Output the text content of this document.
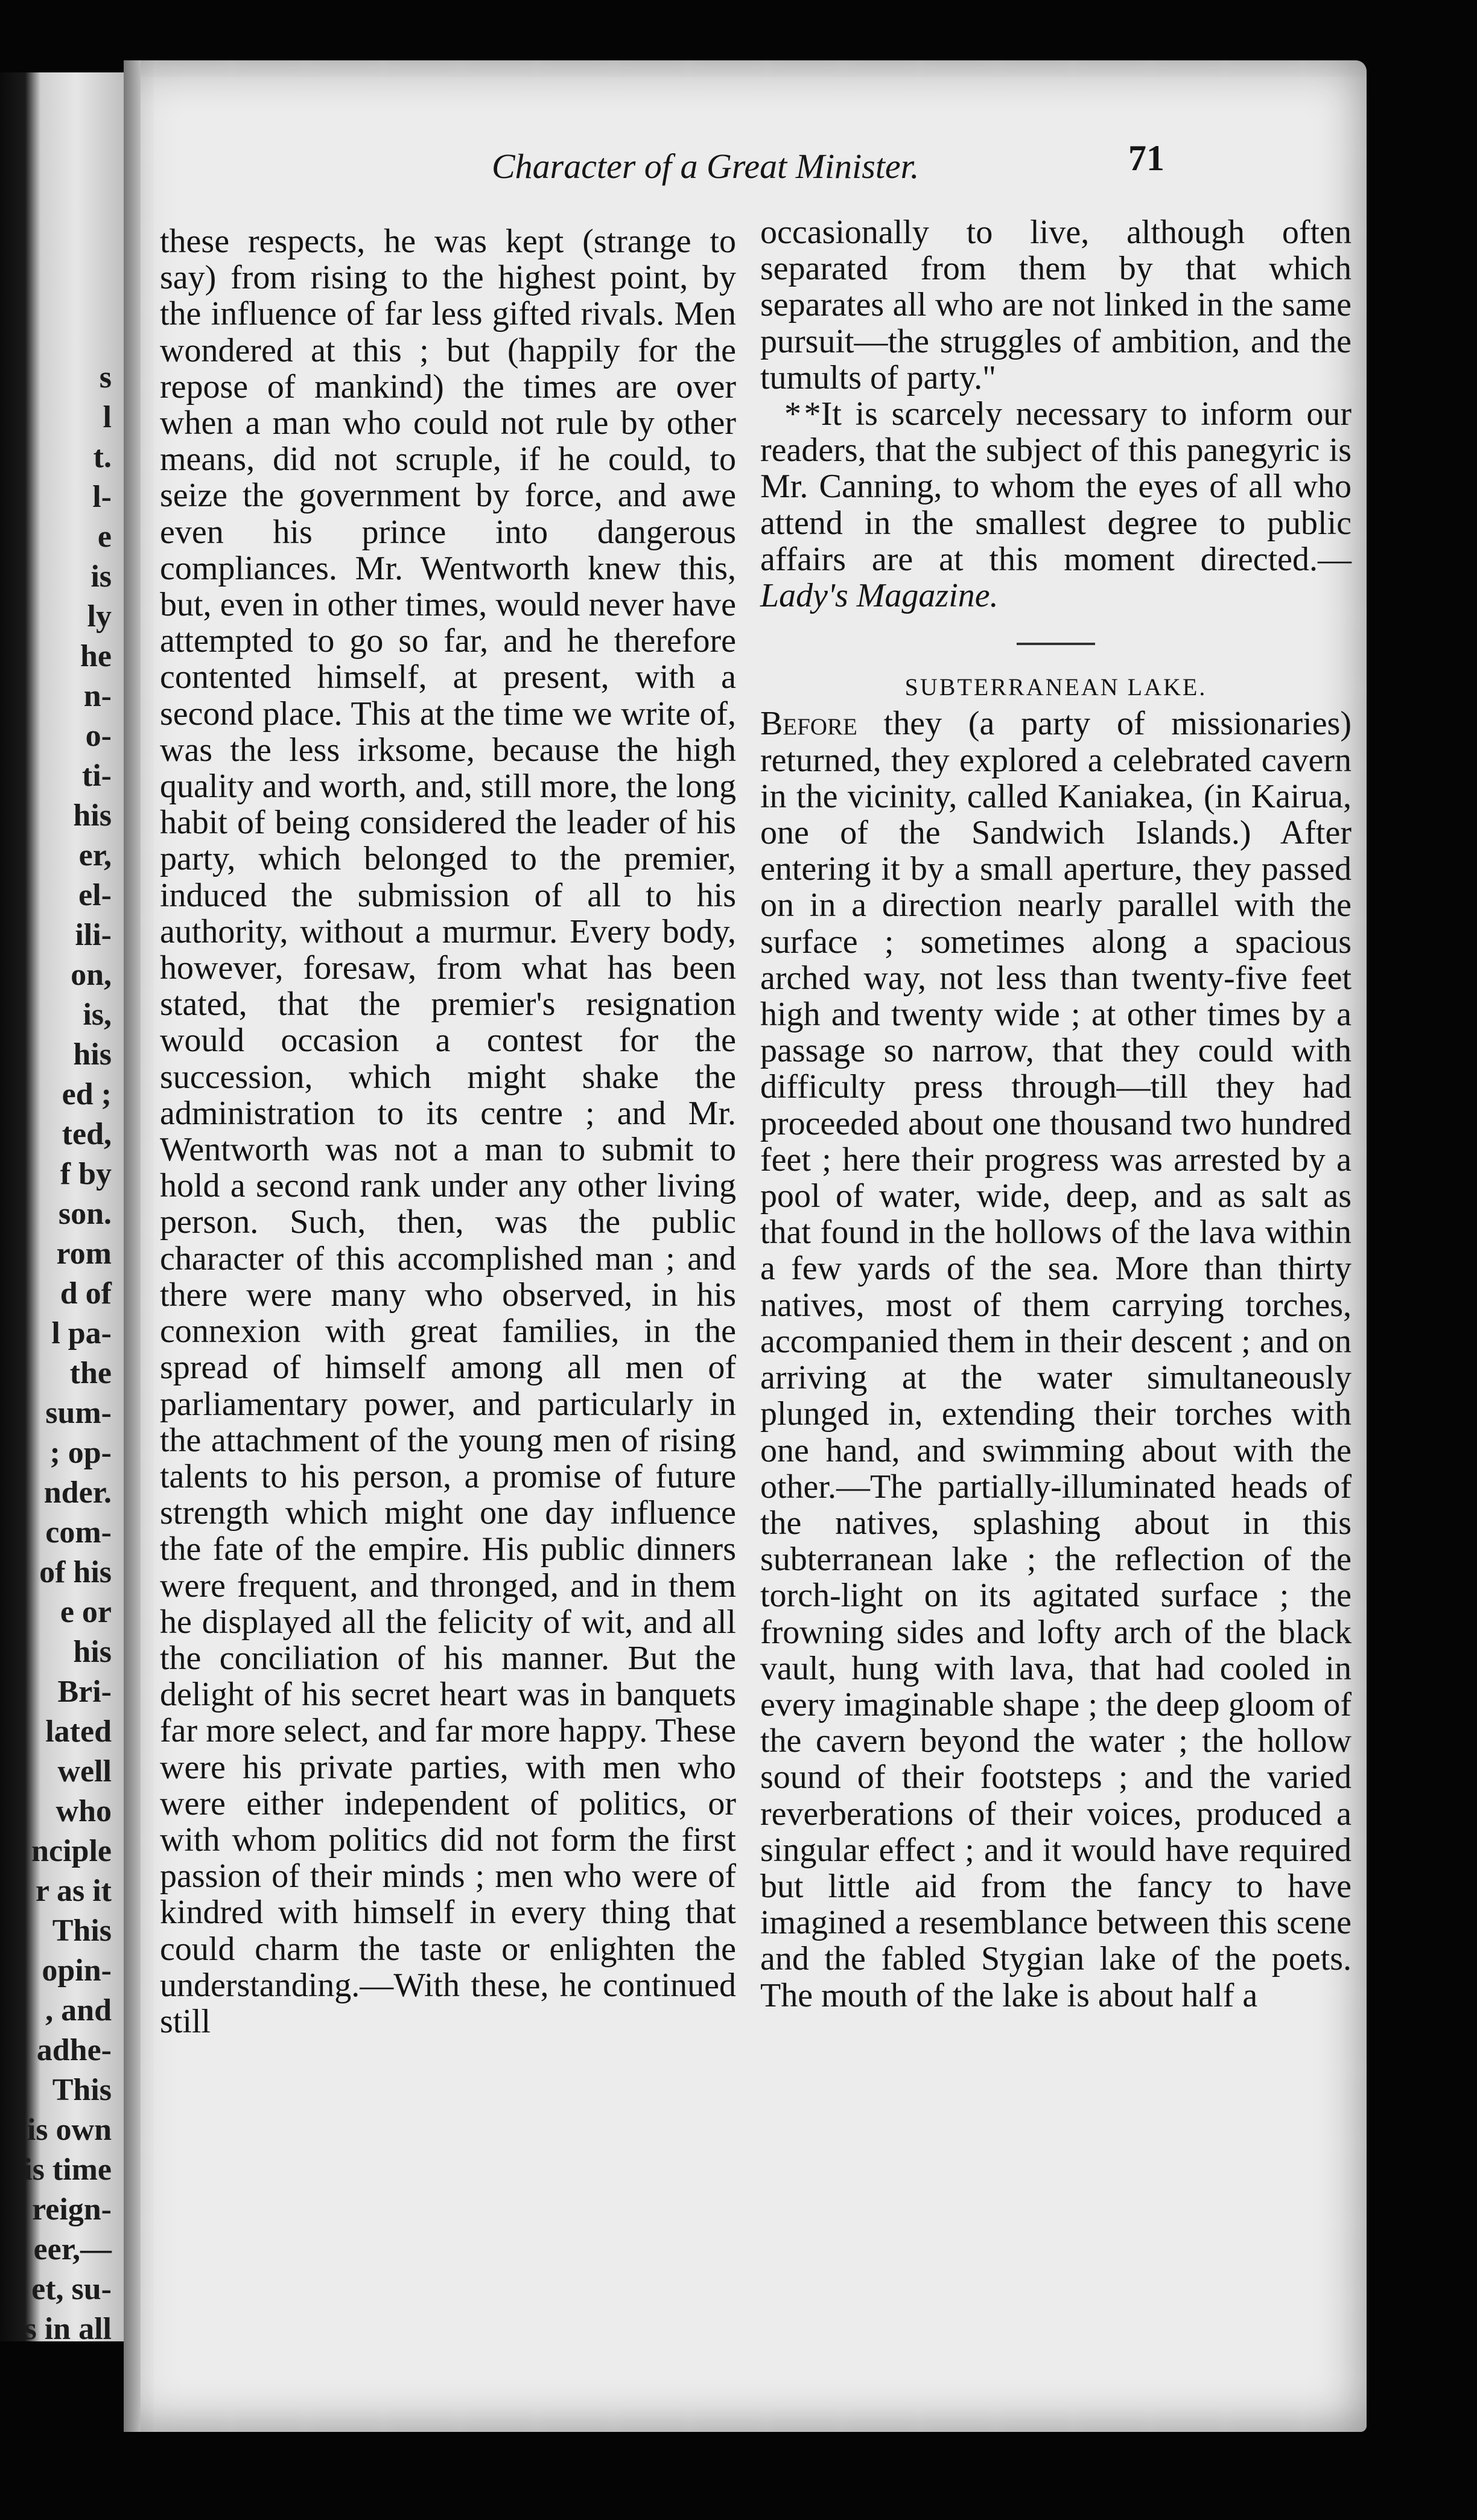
s
l
t.
l-
e
is
ly
he
n-
o-
ti-
his
er,
el-
ili-
on,
is,
his
ed ;
ted,
f by
son.
rom
d of
l pa-
the
sum-
; op-
nder.
com-
of his
e or
his
Bri-
lated
well
who
nciple
r as it
This
opin-
, and
adhe-
This
is own
is time
reign-
eer,—
et, su-
s in all
Character of a Great Minister.	71

these respects, he was kept (strange to say) from rising to the highest point, by the influence of far less gifted rivals. Men wondered at this ; but (happily for the repose of mankind) the times are over when a man who could not rule by other means, did not scruple, if he could, to seize the government by force, and awe even his prince into dangerous compliances. Mr. Wentworth knew this, but, even in other times, would never have attempted to go so far, and he therefore contented himself, at present, with a second place. This at the time we write of, was the less irksome, because the high quality and worth, and, still more, the long habit of being considered the leader of his party, which belonged to the premier, induced the submission of all to his authority, without a murmur. Every body, however, foresaw, from what has been stated, that the premier's resignation would occasion a contest for the succession, which might shake the administration to its centre ; and Mr. Wentworth was not a man to submit to hold a second rank under any other living person. Such, then, was the public character of this accomplished man ; and there were many who observed, in his connexion with great families, in the spread of himself among all men of parliamentary power, and particularly in the attachment of the young men of rising talents to his person, a promise of future strength which might one day influence the fate of the empire. His public dinners were frequent, and thronged, and in them he displayed all the felicity of wit, and all the conciliation of his manner. But the delight of his secret heart was in banquets far more select, and far more happy. These were his private parties, with men who were either independent of politics, or with whom politics did not form the first passion of their minds ; men who were of kindred with himself in every thing that could charm the taste or enlighten the understanding.—With these, he continued still

occasionally to live, although often separated from them by that which separates all who are not linked in the same pursuit—the struggles of ambition, and the tumults of party."

* *It is scarcely necessary to inform our readers, that the subject of this panegyric is Mr. Canning, to whom the eyes of all who attend in the smallest degree to public affairs are at this moment directed.—Lady's Magazine.

SUBTERRANEAN LAKE.

Before they (a party of missionaries) returned, they explored a celebrated cavern in the vicinity, called Kaniakea, (in Kairua, one of the Sandwich Islands.) After entering it by a small aperture, they passed on in a direction nearly parallel with the surface ; sometimes along a spacious arched way, not less than twenty-five feet high and twenty wide ; at other times by a passage so narrow, that they could with difficulty press through—till they had proceeded about one thousand two hundred feet ; here their progress was arrested by a pool of water, wide, deep, and as salt as that found in the hollows of the lava within a few yards of the sea. More than thirty natives, most of them carrying torches, accompanied them in their descent ; and on arriving at the water simultaneously plunged in, extending their torches with one hand, and swimming about with the other.—The partially-illuminated heads of the natives, splashing about in this subterranean lake ; the reflection of the torch-light on its agitated surface ; the frowning sides and lofty arch of the black vault, hung with lava, that had cooled in every imaginable shape ; the deep gloom of the cavern beyond the water ; the hollow sound of their footsteps ; and the varied reverberations of their voices, produced a singular effect ; and it would have required but little aid from the fancy to have imagined a resemblance between this scene and the fabled Stygian lake of the poets. The mouth of the lake is about half a
